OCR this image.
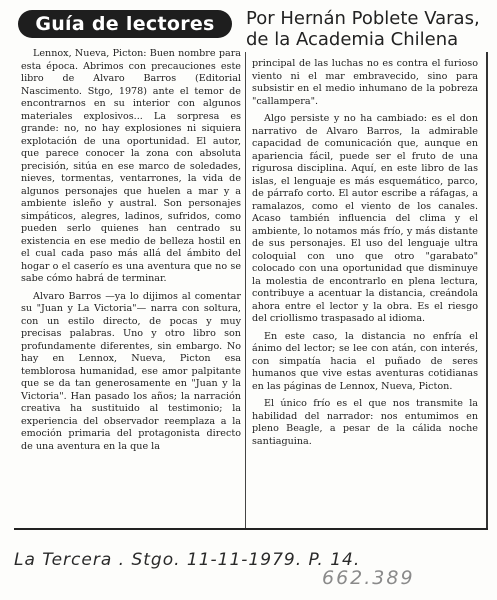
Guía de lectores Por Hernán Poblete Varas,
de la Academia Chilena

Lennox, Nueva, Picton: Buen nombre para esta época. Abrimos con precauciones este libro de Alvaro Barros (Editorial Nascimento. Stgo, 1978) ante el temor de encontrarnos en su interior con algunos materiales explosivos... La sorpresa es grande: no, no hay explosiones ni siquiera explotación de una oportunidad. El autor, que parece conocer la zona con absoluta precisión, sitúa en ese marco de soledades, nieves, tormentas, ventarrones, la vida de algunos personajes que huelen a mar y a ambiente isleño y austral. Son personajes simpáticos, alegres, ladinos, sufridos, como pueden serlo quienes han centrado su existencia en ese medio de belleza hostil en el cual cada paso más allá del ámbito del hogar o el caserío es una aventura que no se sabe cómo habrá de terminar.

Alvaro Barros —ya lo dijimos al comentar su "Juan y La Victoria"— narra con soltura, con un estilo directo, de pocas y muy precisas palabras. Uno y otro libro son profundamente diferentes, sin embargo. No hay en Lennox, Nueva, Picton esa temblorosa humanidad, ese amor palpitante que se da tan generosamente en "Juan y la Victoria". Han pasado los años; la narración creativa ha sustituido al testimonio; la experiencia del observador reemplaza a la emoción primaria del protagonista directo de una aventura en la que la

principal de las luchas no es contra el furioso viento ni el mar embravecido, sino para subsistir en el medio inhumano de la pobreza "callampera".

Algo persiste y no ha cambiado: es el don narrativo de Alvaro Barros, la admirable capacidad de comunicación que, aunque en apariencia fácil, puede ser el fruto de una rigurosa disciplina. Aquí, en este libro de las islas, el lenguaje es más esquemático, parco, de párrafo corto. El autor escribe a ráfagas, a ramalazos, como el viento de los canales. Acaso también influencia del clima y el ambiente, lo notamos más frío, y más distante de sus personajes. El uso del lenguaje ultra coloquial con uno que otro "garabato" colocado con una oportunidad que disminuye la molestia de encontrarlo en plena lectura, contribuye a acentuar la distancia, creándola ahora entre el lector y la obra. Es el riesgo del criollismo traspasado al idioma.

En este caso, la distancia no enfría el ánimo del lector; se lee con atán, con interés, con simpatía hacia el puñado de seres humanos que vive estas aventuras cotidianas en las páginas de Lennox, Nueva, Picton.

El único frío es el que nos transmite la habilidad del narrador: nos entumimos en pleno Beagle, a pesar de la cálida noche santiaguina.

La Tercera . Stgo. 11-11-1979. P. 14.
662.389
